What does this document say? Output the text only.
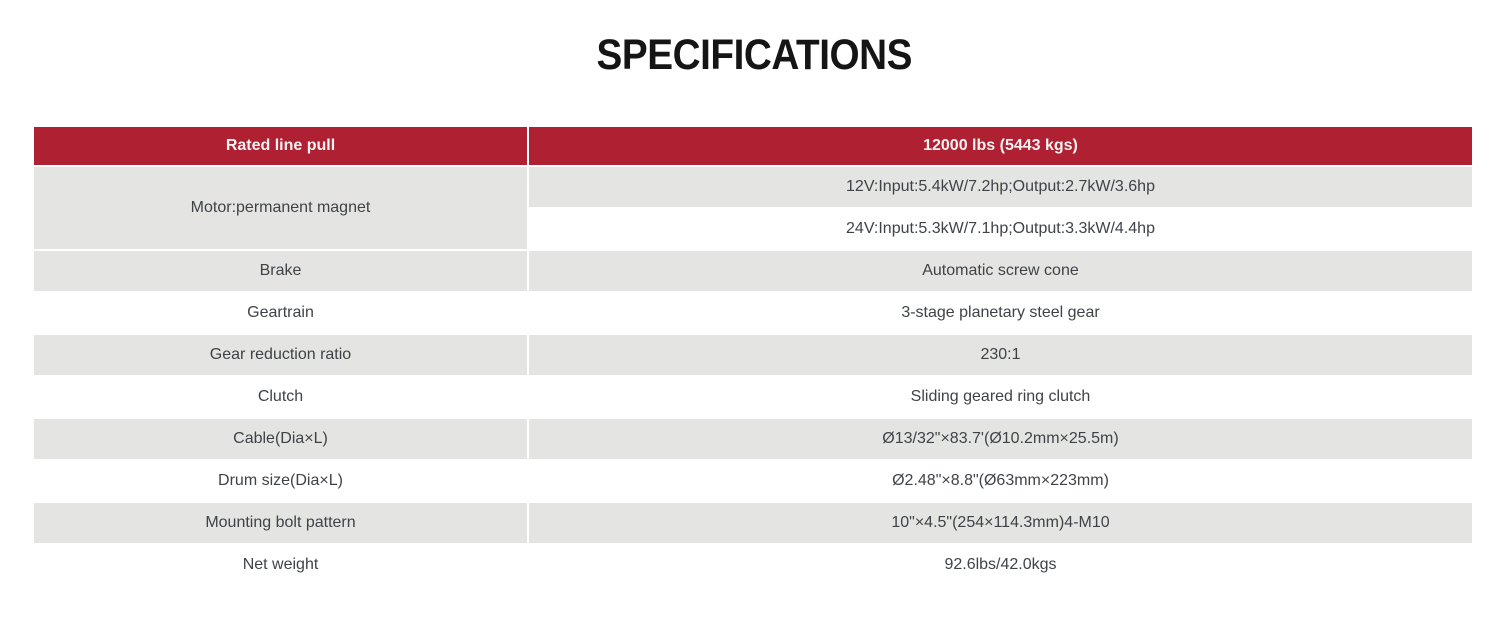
SPECIFICATIONS
Rated line pull	12000 lbs (5443 kgs)
Motor:permanent magnet	12V:Input:5.4kW/7.2hp;Output:2.7kW/3.6hp
	24V:Input:5.3kW/7.1hp;Output:3.3kW/4.4hp
Brake	Automatic screw cone
Geartrain	3-stage planetary steel gear
Gear reduction ratio	230:1
Clutch	Sliding geared ring clutch
Cable(Dia×L)	Ø13/32"×83.7'(Ø10.2mm×25.5m)
Drum size(Dia×L)	Ø2.48"×8.8"(Ø63mm×223mm)
Mounting bolt pattern	10"×4.5"(254×114.3mm)4-M10
Net weight	92.6lbs/42.0kgs
